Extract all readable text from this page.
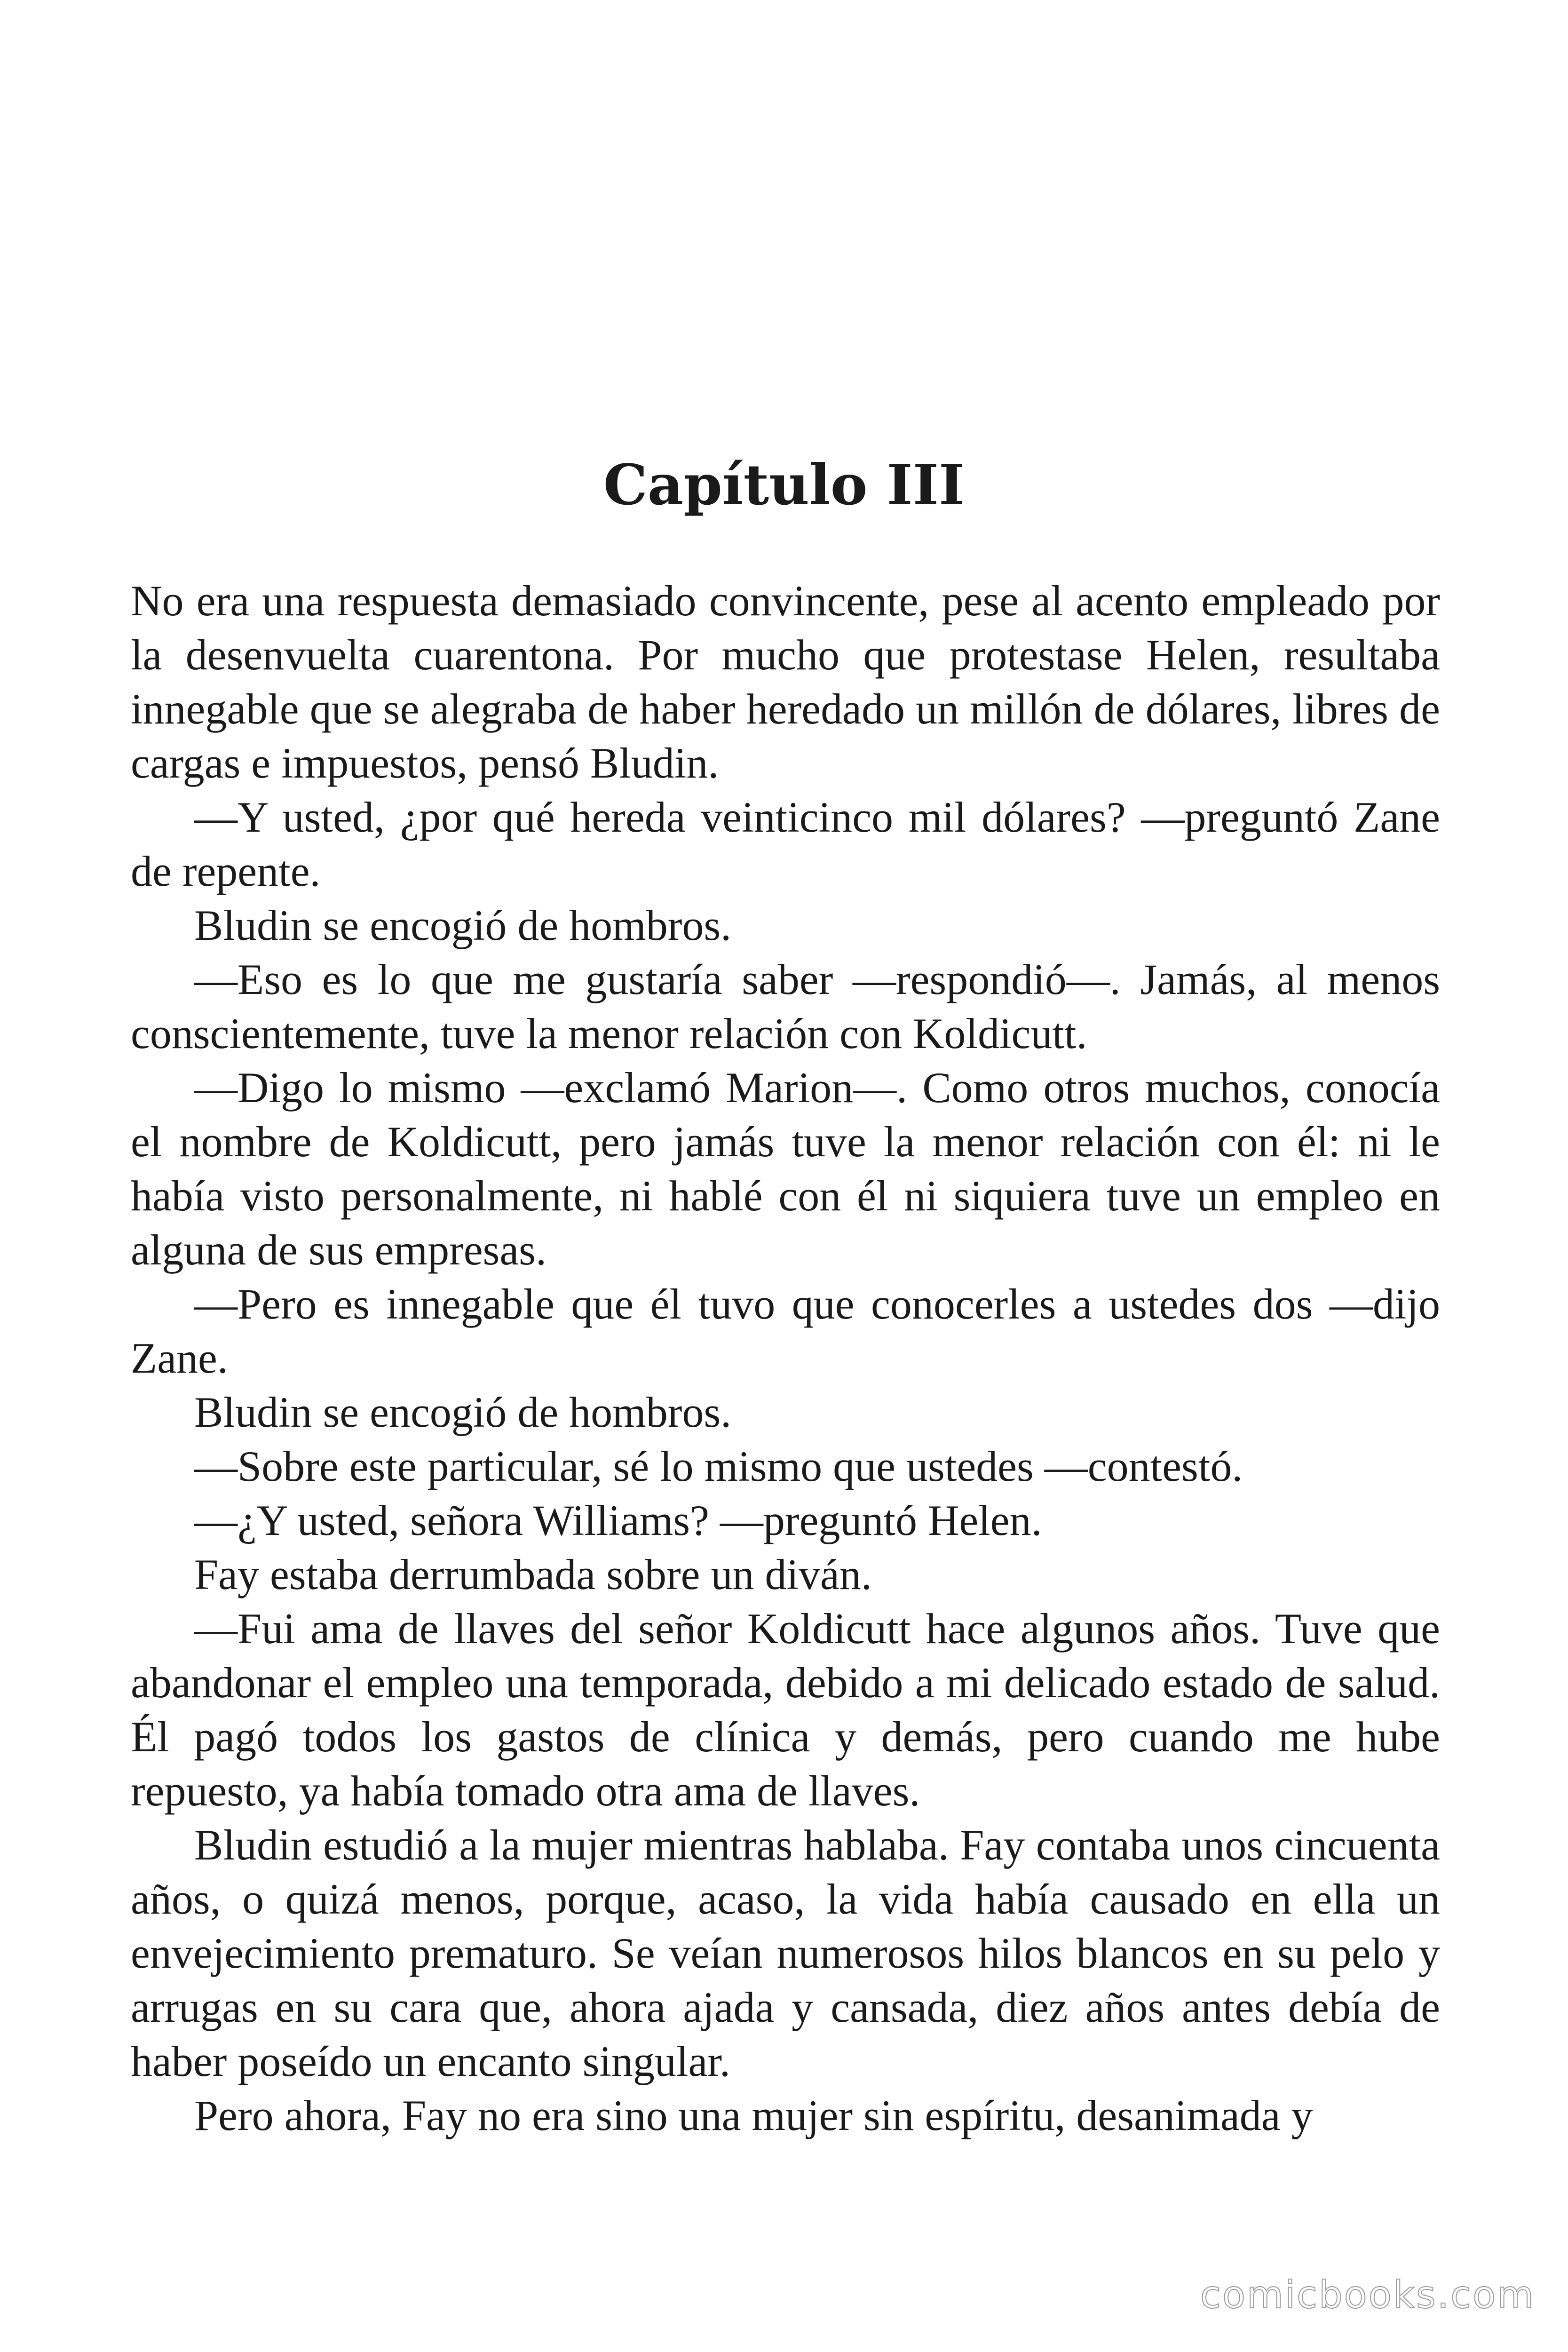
Capítulo III

No era una respuesta demasiado convincente, pese al acento empleado por la desenvuelta cuarentona. Por mucho que protestase Helen, resultaba innegable que se alegraba de haber heredado un millón de dólares, libres de cargas e impuestos, pensó Bludin.

—Y usted, ¿por qué hereda veinticinco mil dólares? —preguntó Zane de repente.

Bludin se encogió de hombros.

—Eso es lo que me gustaría saber —respondió—. Jamás, al menos conscientemente, tuve la menor relación con Koldicutt.

—Digo lo mismo —exclamó Marion—. Como otros muchos, conocía el nombre de Koldicutt, pero jamás tuve la menor relación con él: ni le había visto personalmente, ni hablé con él ni siquiera tuve un empleo en alguna de sus empresas.

—Pero es innegable que él tuvo que conocerles a ustedes dos —dijo Zane.

Bludin se encogió de hombros.

—Sobre este particular, sé lo mismo que ustedes —contestó.

—¿Y usted, señora Williams? —preguntó Helen.

Fay estaba derrumbada sobre un diván.

—Fui ama de llaves del señor Koldicutt hace algunos años. Tuve que abandonar el empleo una temporada, debido a mi delicado estado de salud. Él pagó todos los gastos de clínica y demás, pero cuando me hube repuesto, ya había tomado otra ama de llaves.

Bludin estudió a la mujer mientras hablaba. Fay contaba unos cincuenta años, o quizá menos, porque, acaso, la vida había causado en ella un envejecimiento prematuro. Se veían numerosos hilos blancos en su pelo y arrugas en su cara que, ahora ajada y cansada, diez años antes debía de haber poseído un encanto singular.

Pero ahora, Fay no era sino una mujer sin espíritu, desanimada y

comicbooks.com
